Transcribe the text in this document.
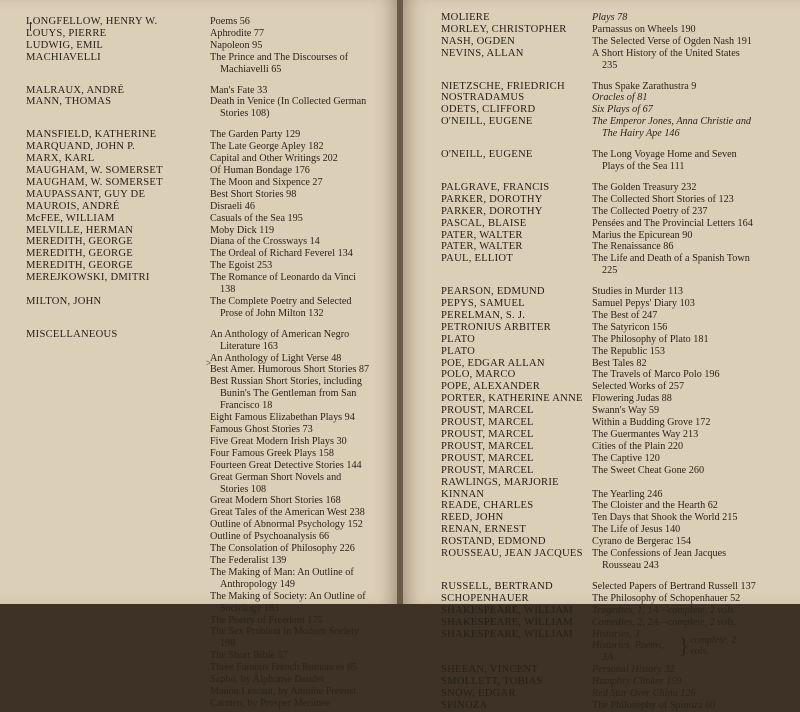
>
LONGFELLOW, HENRY W.	Poems 56
LOUYS, PIERRE	Aphrodite 77
LUDWIG, EMIL	Napoleon 95
MACHIAVELLI	The Prince and The Discourses of Machiavelli 65
MALRAUX, ANDRÉ	Man's Fate 33
MANN, THOMAS	Death in Venice (In Collected German Stories 108)
MANSFIELD, KATHERINE	The Garden Party 129
MARQUAND, JOHN P.	The Late George Apley 182
MARX, KARL	Capital and Other Writings 202
MAUGHAM, W. SOMERSET	Of Human Bondage 176
MAUGHAM, W. SOMERSET	The Moon and Sixpence 27
MAUPASSANT, GUY DE	Best Short Stories 98
MAUROIS, ANDRÉ	Disraeli 46
McFEE, WILLIAM	Casuals of the Sea 195
MELVILLE, HERMAN	Moby Dick 119
MEREDITH, GEORGE	Diana of the Crossways 14
MEREDITH, GEORGE	The Ordeal of Richard Feverel 134
MEREDITH, GEORGE	The Egoist 253
MEREJKOWSKI, DMITRI	The Romance of Leonardo da Vinci 138
MILTON, JOHN	The Complete Poetry and Selected Prose of John Milton 132
MISCELLANEOUS	An Anthology of American Negro Literature 163
An Anthology of Light Verse 48
Best Amer. Humorous Short Stories 87
Best Russian Short Stories, including Bunin's The Gentleman from San Francisco 18
Eight Famous Elizabethan Plays 94
Famous Ghost Stories 73
Five Great Modern Irish Plays 30
Four Famous Greek Plays 158
Fourteen Great Detective Stories 144
Great German Short Novels and Stories 108
Great Modern Short Stories 168
Great Tales of the American West 238
Outline of Abnormal Psychology 152
Outline of Psychoanalysis 66
The Consolation of Philosophy 226
The Federalist 139
The Making of Man: An Outline of Anthropology 149
The Making of Society: An Outline of Sociology 183
The Poetry of Freedom 175
The Sex Problem in Modern Society 198
The Short Bible 57
Three Famous French Romances 85
Sapho, by Alphonse Daudet
Manon Lescaut, by Antoine Prevost
Carmen, by Prosper Merimee
MOLIERE	Plays 78
MORLEY, CHRISTOPHER	Parnassus on Wheels 190
NASH, OGDEN	The Selected Verse of Ogden Nash 191
NEVINS, ALLAN	A Short History of the United States 235
NIETZSCHE, FRIEDRICH	Thus Spake Zarathustra 9
NOSTRADAMUS	Oracles of 81
ODETS, CLIFFORD	Six Plays of 67
O'NEILL, EUGENE	The Emperor Jones, Anna Christie and The Hairy Ape 146
O'NEILL, EUGENE	The Long Voyage Home and Seven Plays of the Sea 111
PALGRAVE, FRANCIS	The Golden Treasury 232
PARKER, DOROTHY	The Collected Short Stories of 123
PARKER, DOROTHY	The Collected Poetry of 237
PASCAL, BLAISE	Pensées and The Provincial Letters 164
PATER, WALTER	Marius the Epicurean 90
PATER, WALTER	The Renaissance 86
PAUL, ELLIOT	The Life and Death of a Spanish Town 225
PEARSON, EDMUND	Studies in Murder 113
PEPYS, SAMUEL	Samuel Pepys' Diary 103
PERELMAN, S. J.	The Best of 247
PETRONIUS ARBITER	The Satyricon 156
PLATO	The Philosophy of Plato 181
PLATO	The Republic 153
POE, EDGAR ALLAN	Best Tales 82
POLO, MARCO	The Travels of Marco Polo 196
POPE, ALEXANDER	Selected Works of 257
PORTER, KATHERINE ANNE Flowering Judas 88
PROUST, MARCEL	Swann's Way 59
PROUST, MARCEL	Within a Budding Grove 172
PROUST, MARCEL	The Guermantes Way 213
PROUST, MARCEL	Cities of the Plain 220
PROUST, MARCEL	The Captive 120
PROUST, MARCEL	The Sweet Cheat Gone 260
RAWLINGS, MARJORIE
KINNAN	The Yearling 246
READE, CHARLES	The Cloister and the Hearth 62
REED, JOHN	Ten Days that Shook the World 215
RENAN, ERNEST	The Life of Jesus 140
ROSTAND, EDMOND	Cyrano de Bergerac 154
ROUSSEAU, JEAN JACQUES The Confessions of Jean Jacques Rousseau 243
RUSSELL, BERTRAND	Selected Papers of Bertrand Russell 137
SCHOPENHAUER	The Philosophy of Schopenhauer 52
SHAKESPEARE, WILLIAM	Tragedies, 1, 1A—complete, 2 vols.
SHAKESPEARE, WILLIAM	Comedies, 2, 2A—complete, 2 vols.
SHAKESPEARE, WILLIAM	Histories, 3
Histories, Poems, 3A	} complete, 2 vols.
SHEEAN, VINCENT	Personal History 32
SMOLLETT, TOBIAS	Humphry Clinker 159
SNOW, EDGAR	Red Star Over China 126
SPINOZA	The Philosophy of Spinoza 60
